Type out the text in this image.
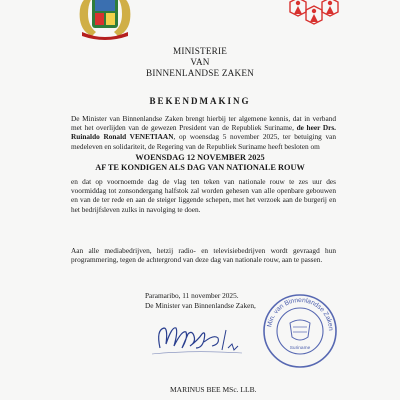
MINISTERIE
VAN
BINNENLANDSE ZAKEN
BEKENDMAKING
De Minister van Binnenlandse Zaken brengt hierbij ter algemene kennis, dat in verband met het overlijden van de gewezen President van de Republiek Suriname, de heer Drs. Ruinaldo Ronald VENETIAAN, op woensdag 5 november 2025, ter betuiging van medeleven en solidariteit, de Regering van de Republiek Suriname heeft besloten om
WOENSDAG 12 NOVEMBER 2025
AF TE KONDIGEN ALS DAG VAN NATIONALE ROUW
en dat op voornoemde dag de vlag ten teken van nationale rouw te zes uur des voormiddag tot zonsondergang halfstok zal worden gehesen van alle openbare gebouwen en van de ter rede en aan de steiger liggende schepen, met het verzoek aan de burgerij en het bedrijfsleven zulks in navolging te doen.
Aan alle mediabedrijven, hetzij radio- en televisiebedrijven wordt gevraagd hun programmering, tegen de achtergrond van deze dag van nationale rouw, aan te passen.
Paramaribo, 11 november 2025.
De Minister van Binnenlandse Zaken,
Min. van Binnenlandse Zaken
Suriname
MARINUS BEE MSc. LLB.
